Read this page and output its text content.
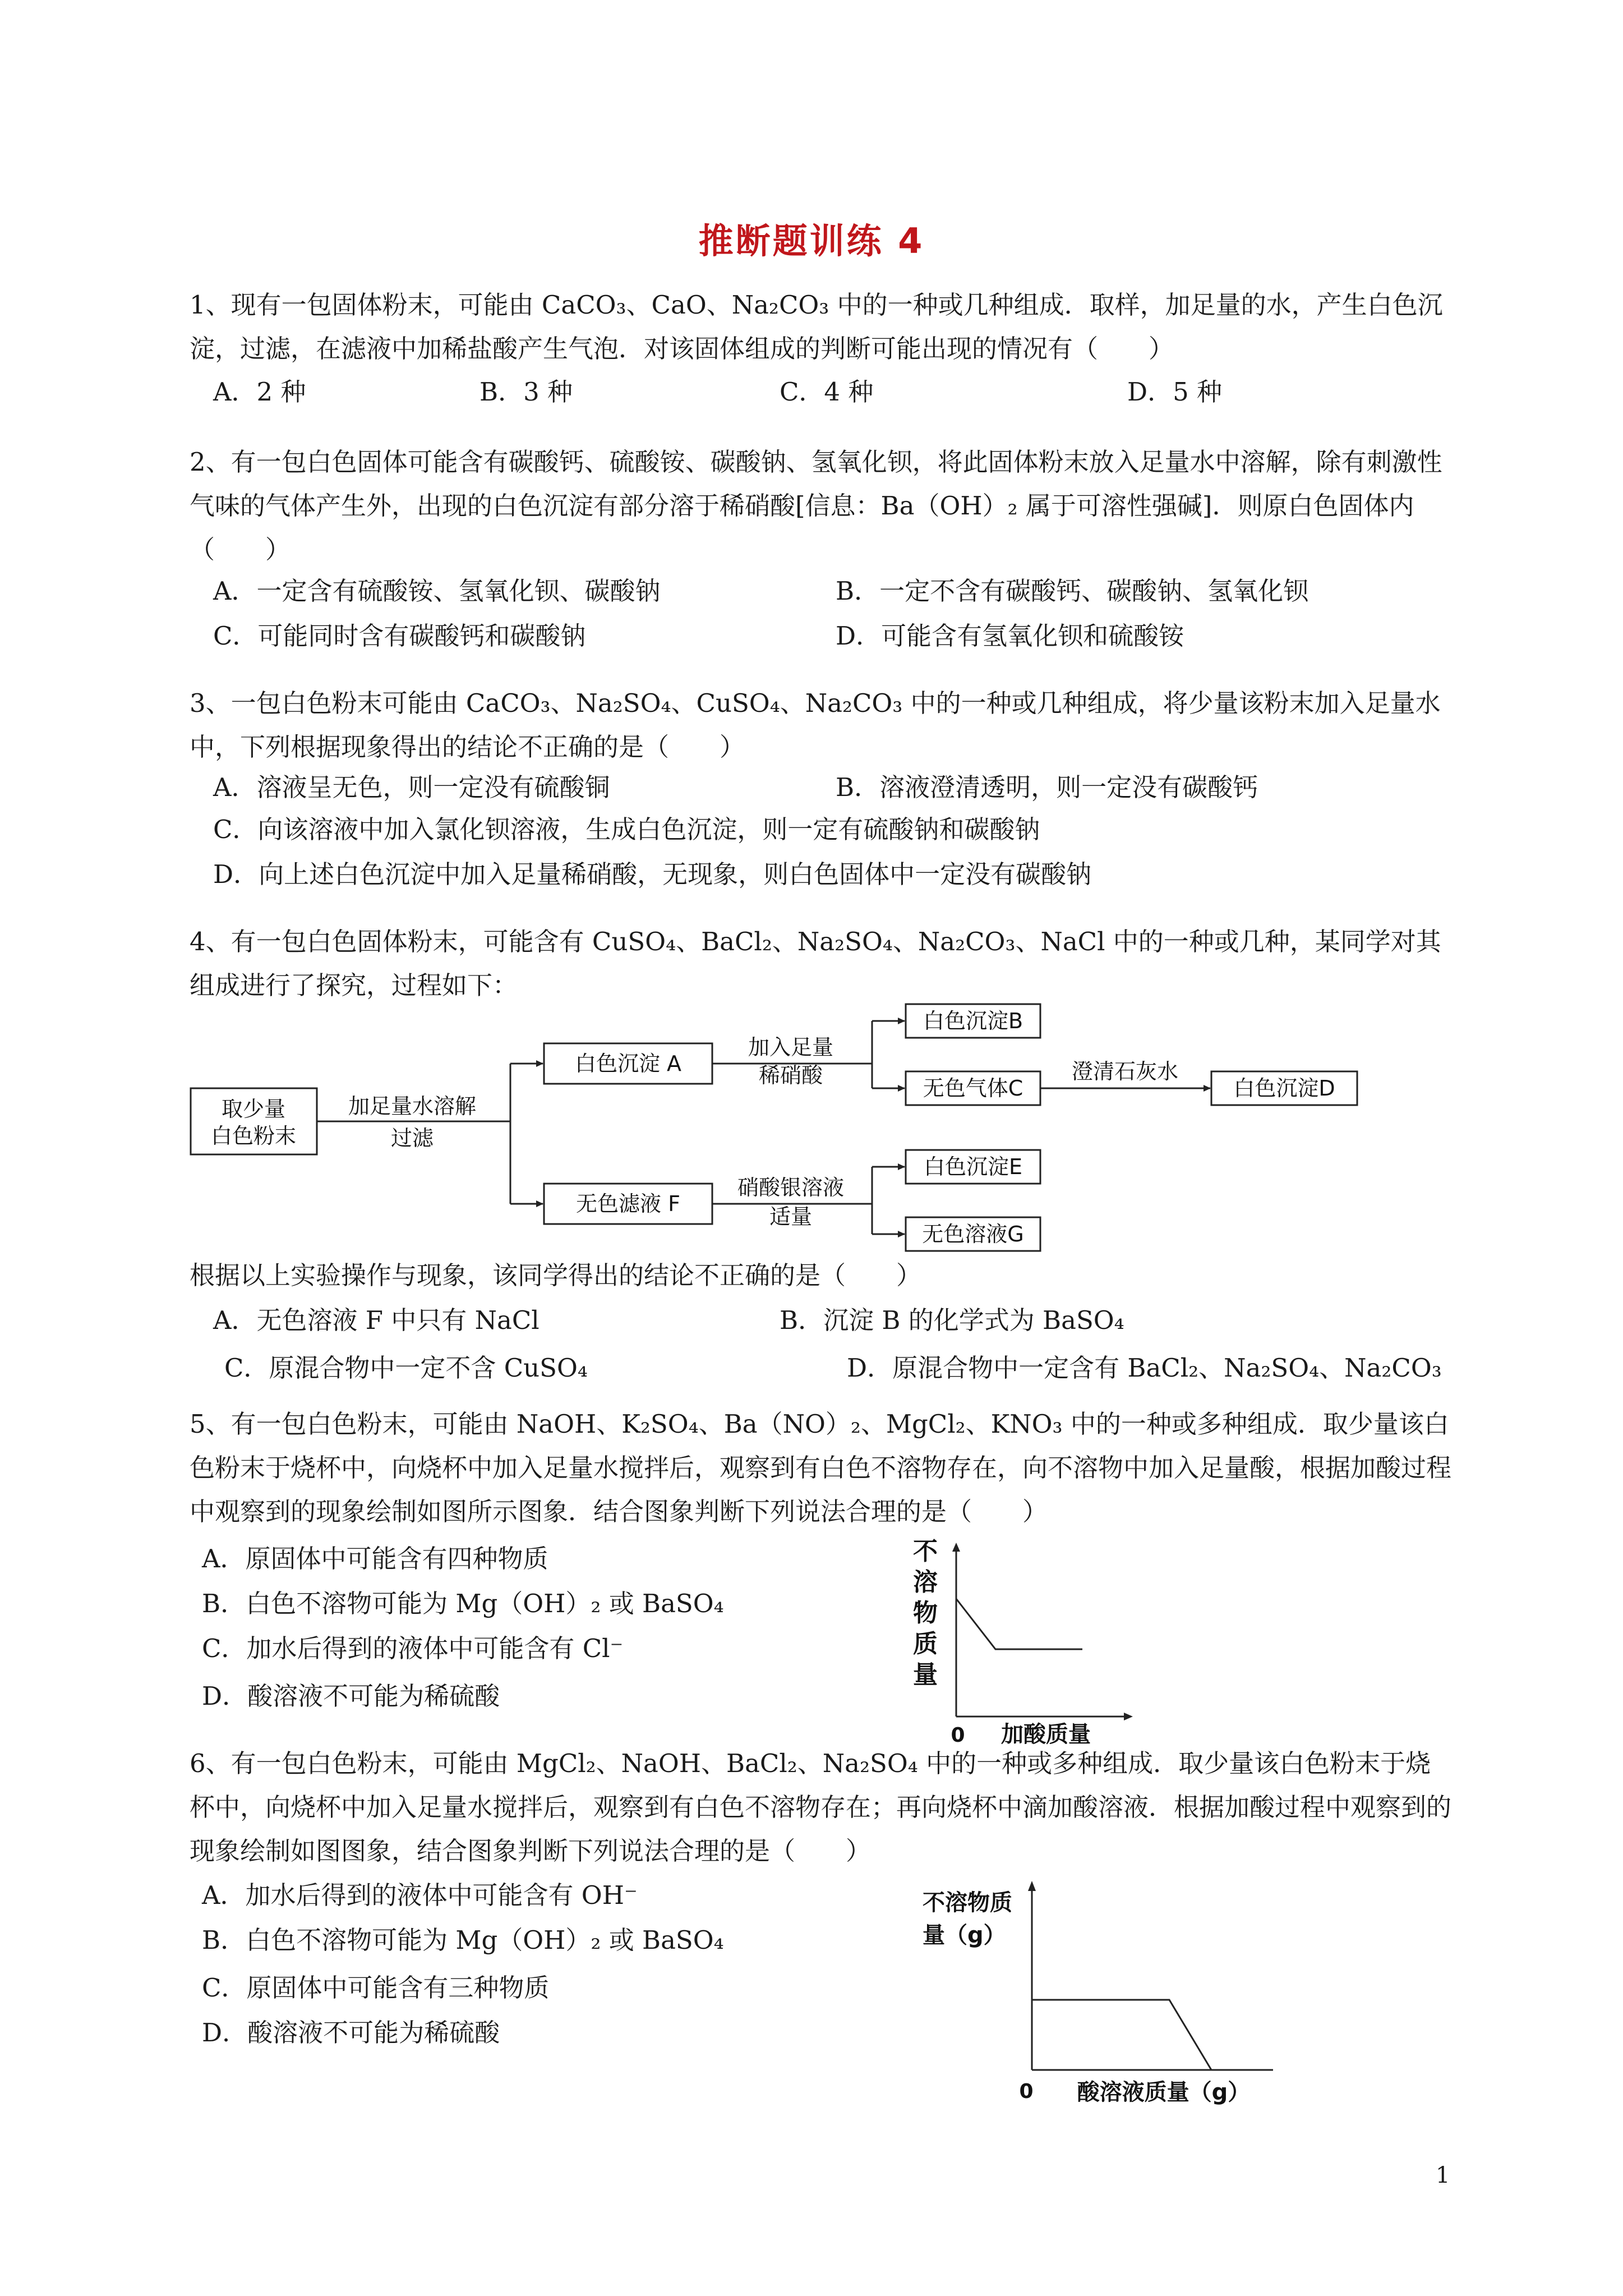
推断题训练 4
1、现有一包固体粉末，可能由 CaCO₃、CaO、Na₂CO₃ 中的一种或几种组成．取样，加足量的水，产生白色沉淀，过滤，在滤液中加稀盐酸产生气泡．对该固体组成的判断可能出现的情况有（　　）
A．2 种	B．3 种	C．4 种	D．5 种
2、有一包白色固体可能含有碳酸钙、硫酸铵、碳酸钠、氢氧化钡，将此固体粉末放入足量水中溶解，除有刺激性气味的气体产生外，出现的白色沉淀有部分溶于稀硝酸[信息：Ba（OH）₂ 属于可溶性强碱]．则原白色固体内（　　）
A．一定含有硫酸铵、氢氧化钡、碳酸钠	B．一定不含有碳酸钙、碳酸钠、氢氧化钡
C．可能同时含有碳酸钙和碳酸钠	D．可能含有氢氧化钡和硫酸铵
3、一包白色粉末可能由 CaCO₃、Na₂SO₄、CuSO₄、Na₂CO₃ 中的一种或几种组成，将少量该粉末加入足量水中，下列根据现象得出的结论不正确的是（　　）
A．溶液呈无色，则一定没有硫酸铜	B．溶液澄清透明，则一定没有碳酸钙
C．向该溶液中加入氯化钡溶液，生成白色沉淀，则一定有硫酸钠和碳酸钠
D．向上述白色沉淀中加入足量稀硝酸，无现象，则白色固体中一定没有碳酸钠
4、有一包白色固体粉末，可能含有 CuSO₄、BaCl₂、Na₂SO₄、Na₂CO₃、NaCl 中的一种或几种，某同学对其组成进行了探究，过程如下：
取少量
白色粉末
加足量水溶解
过滤
白色沉淀 A
加入足量
稀硝酸
白色沉淀B
无色气体C
澄清石灰水
白色沉淀D
无色滤液 F
硝酸银溶液
适量
白色沉淀E
无色溶液G
根据以上实验操作与现象，该同学得出的结论不正确的是（　　）
A．无色溶液 F 中只有 NaCl	B．沉淀 B 的化学式为 BaSO₄
C．原混合物中一定不含 CuSO₄	D．原混合物中一定含有 BaCl₂、Na₂SO₄、Na₂CO₃
5、有一包白色粉末，可能由 NaOH、K₂SO₄、Ba（NO）₂、MgCl₂、KNO₃ 中的一种或多种组成．取少量该白色粉末于烧杯中，向烧杯中加入足量水搅拌后，观察到有白色不溶物存在，向不溶物中加入足量酸，根据加酸过程中观察到的现象绘制如图所示图象．结合图象判断下列说法合理的是（　　）
A．原固体中可能含有四种物质
B．白色不溶物可能为 Mg（OH）₂ 或 BaSO₄
C．加水后得到的液体中可能含有 Cl⁻
D．酸溶液不可能为稀硫酸
不
溶
物
质
量
0 加酸质量
6、有一包白色粉末，可能由 MgCl₂、NaOH、BaCl₂、Na₂SO₄ 中的一种或多种组成．取少量该白色粉末于烧杯中，向烧杯中加入足量水搅拌后，观察到有白色不溶物存在；再向烧杯中滴加酸溶液．根据加酸过程中观察到的现象绘制如图图象，结合图象判断下列说法合理的是（　　）
A．加水后得到的液体中可能含有 OH⁻
B．白色不溶物可能为 Mg（OH）₂ 或 BaSO₄
C．原固体中可能含有三种物质
D．酸溶液不可能为稀硫酸
不溶物质
量（g）
0 酸溶液质量（g）
1
